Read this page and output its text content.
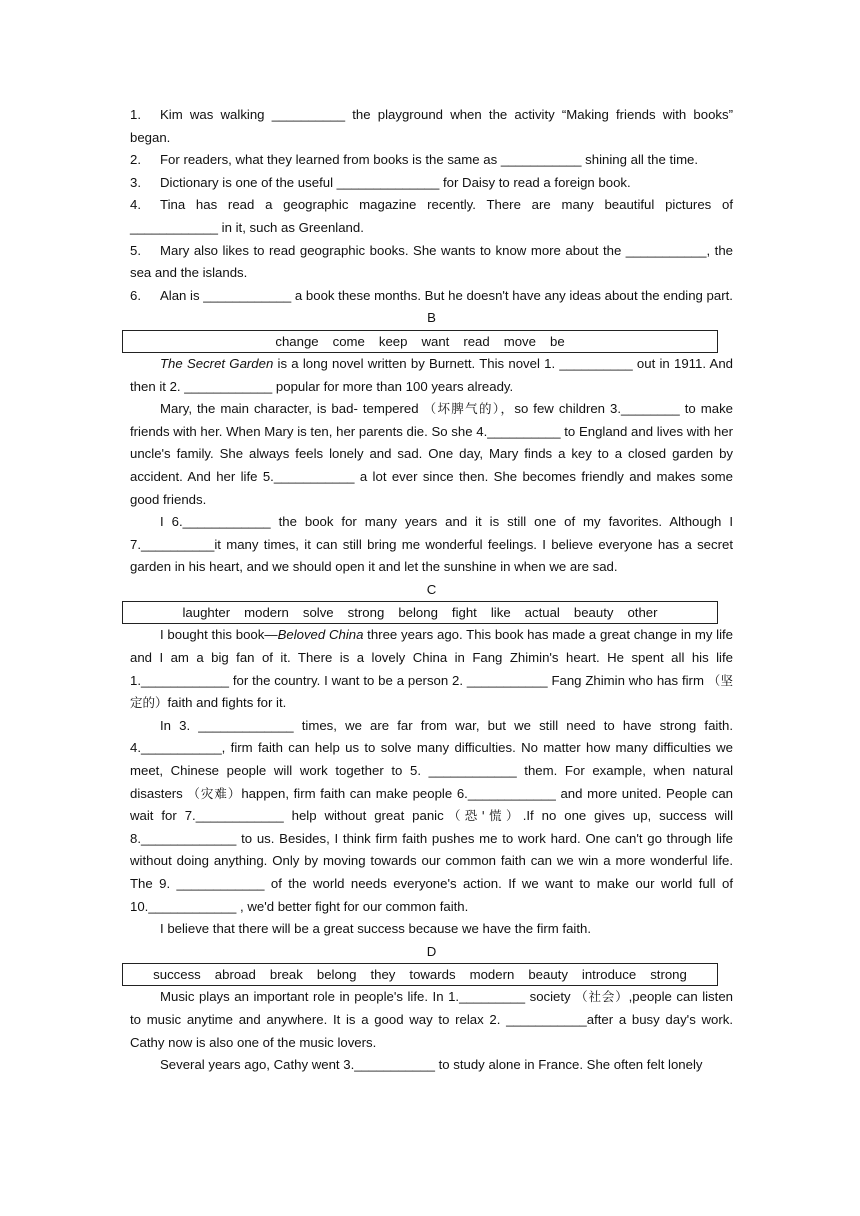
1. Kim was walking __________ the playground when the activity “Making friends with books” began.
2. For readers, what they learned from books is the same as ___________ shining all the time.
3. Dictionary is one of the useful ______________ for Daisy to read a foreign book.
4. Tina has read a geographic magazine recently. There are many beautiful pictures of ____________ in it, such as Greenland.
5. Mary also likes to read geographic books. She wants to know more about the ___________, the sea and the islands.
6. Alan is ____________ a book these months. But he doesn't have any ideas about the ending part.
B
change come keep want read move be
The Secret Garden is a long novel written by Burnett. This novel 1. __________ out in 1911. And then it 2. ____________ popular for more than 100 years already.
Mary, the main character, is bad- tempered （坏脾气的），so few children 3.________ to make friends with her. When Mary is ten, her parents die. So she 4.__________ to England and lives with her uncle's family. She always feels lonely and sad. One day, Mary finds a key to a closed garden by accident. And her life 5.___________ a lot ever since then. She becomes friendly and makes some good friends.
I 6.____________ the book for many years and it is still one of my favorites. Although I 7.__________it many times, it can still bring me wonderful feelings. I believe everyone has a secret garden in his heart, and we should open it and let the sunshine in when we are sad.
C
laughter modern solve strong belong fight like actual beauty other
I bought this book—Beloved China three years ago. This book has made a great change in my life and I am a big fan of it. There is a lovely China in Fang Zhimin's heart. He spent all his life 1.____________ for the country. I want to be a person 2. ___________ Fang Zhimin who has firm （坚定的）faith and fights for it.
In 3. _____________ times, we are far from war, but we still need to have strong faith. 4.___________, firm faith can help us to solve many difficulties. No matter how many difficulties we meet, Chinese people will work together to 5. ____________ them. For example, when natural disasters （灾难）happen, firm faith can make people 6.____________ and more united. People can wait for 7.____________ help without great panic（恐'慌）.If no one gives up, success will 8._____________ to us. Besides, I think firm faith pushes me to work hard. One can't go through life without doing anything. Only by moving towards our common faith can we win a more wonderful life. The 9. ____________ of the world needs everyone's action. If we want to make our world full of 10.____________ , we'd better fight for our common faith.
I believe that there will be a great success because we have the firm faith.
D
success abroad break belong they towards modern beauty introduce strong
Music plays an important role in people's life. In 1._________ society （社会）,people can listen to music anytime and anywhere. It is a good way to relax 2. ___________after a busy day's work. Cathy now is also one of the music lovers.
Several years ago, Cathy went 3.___________ to study alone in France. She often felt lonely
